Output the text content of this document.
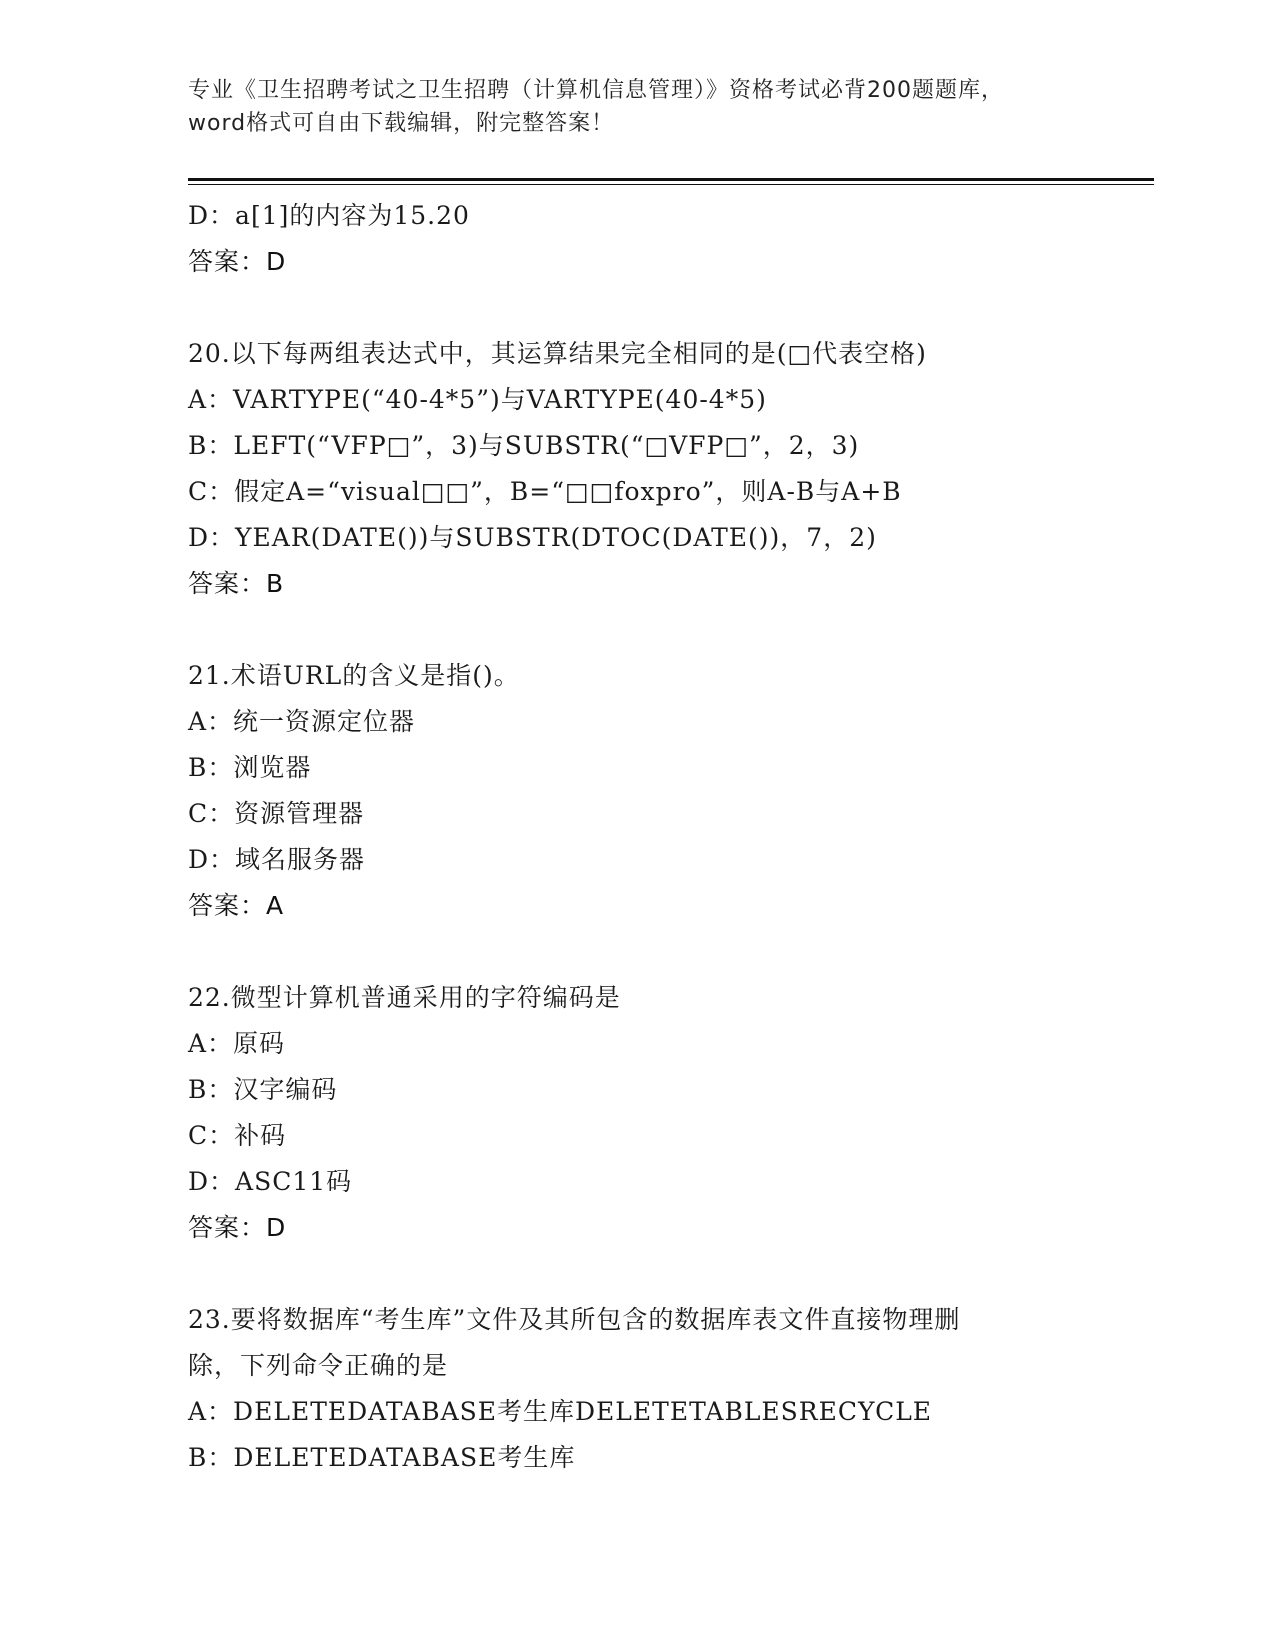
专业《卫生招聘考试之卫生招聘（计算机信息管理）》资格考试必背200题题库，
word格式可自由下载编辑，附完整答案！
D：a[1]的内容为15.20
答案：D
20.以下每两组表达式中，其运算结果完全相同的是(□代表空格)
A：VARTYPE(“40-4*5”)与VARTYPE(40-4*5)
B：LEFT(“VFP□”，3)与SUBSTR(“□VFP□”，2，3)
C：假定A=“visual□□”，B=“□□foxpro”，则A-B与A+B
D：YEAR(DATE())与SUBSTR(DTOC(DATE())，7，2)
答案：B
21.术语URL的含义是指()。
A：统一资源定位器
B：浏览器
C：资源管理器
D：域名服务器
答案：A
22.微型计算机普通采用的字符编码是
A：原码
B：汉字编码
C：补码
D：ASC11码
答案：D
23.要将数据库“考生库”文件及其所包含的数据库表文件直接物理删
除，下列命令正确的是
A：DELETEDATABASE考生库DELETETABLESRECYCLE
B：DELETEDATABASE考生库
